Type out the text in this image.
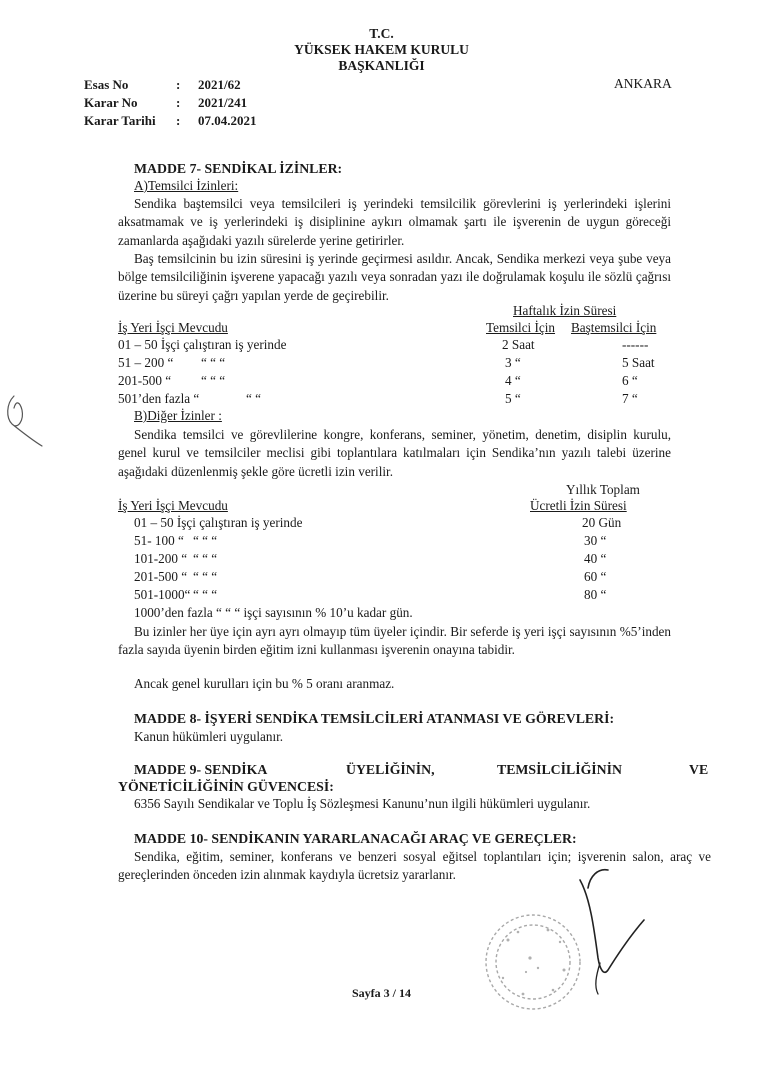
T.C.
YÜKSEK HAKEM KURULU
BAŞKANLIĞI
ANKARA
Esas No	: 2021/62
Karar No	: 2021/241
Karar Tarihi : 07.04.2021
MADDE 7- SENDİKAL İZİNLER:
A)Temsilci İzinleri:
Sendika baştemsilci veya temsilcileri iş yerindeki temsilcilik görevlerini iş yerlerindeki işlerini aksatmamak ve iş yerlerindeki iş disiplinine aykırı olmamak şartı ile işverenin de uygun göreceği zamanlarda aşağıdaki yazılı sürelerde yerine getirirler.
Baş temsilcinin bu izin süresini iş yerinde geçirmesi asıldır. Ancak, Sendika merkezi veya şube veya bölge temsilciliğinin işverene yapacağı yazılı veya sonradan yazı ile doğrulamak koşulu ile sözlü çağrısı üzerine bu süreyi çağrı yapılan yerde de geçirebilir.
Haftalık İzin Süresi
İş Yeri İşçi Mevcudu	Temsilci İçin Baştemsilci İçin
01 – 50 İşçi çalıştıran iş yerinde	2 Saat	------
51 – 200 “ “ “ “	3 “	5 Saat
201-500 “ “ “ “	4 “	6 “
501’den fazla “	“ “	5 “	7 “
B)Diğer İzinler :
Sendika temsilci ve görevlilerine kongre, konferans, seminer, yönetim, denetim, disiplin kurulu, genel kurul ve temsilciler meclisi gibi toplantılara katılmaları için Sendika’nın yazılı talebi üzerine aşağıdaki düzenlenmiş şekle göre ücretli izin verilir.
Yıllık Toplam
İş Yeri İşçi Mevcudu	Ücretli İzin Süresi
01 – 50 İşçi çalıştıran iş yerinde	20 Gün
51- 100 “ “ “ “	30 “
101-200 “ “ “ “	40 “
201-500 “ “ “ “	60 “
501-1000“ “ “ “	80 “
1000’den fazla “ “ “ işçi sayısının % 10’u kadar gün.
Bu izinler her üye için ayrı ayrı olmayıp tüm üyeler içindir. Bir seferde iş yeri işçi sayısının %5’inden fazla sayıda üyenin birden eğitim izni kullanması işverenin onayına tabidir.
Ancak genel kurulları için bu % 5 oranı aranmaz.
MADDE 8- İŞYERİ SENDİKA TEMSİLCİLERİ ATANMASI VE GÖREVLERİ:
Kanun hükümleri uygulanır.
MADDE 9- SENDİKA	ÜYELİĞİNİN,	TEMSİLCİLİĞİNİN	VE
YÖNETİCİLİĞİNİN GÜVENCESİ:
6356 Sayılı Sendikalar ve Toplu İş Sözleşmesi Kanunu’nun ilgili hükümleri uygulanır.
MADDE 10- SENDİKANIN YARARLANACAĞI ARAÇ VE GEREÇLER:
Sendika, eğitim, seminer, konferans ve benzeri sosyal eğitsel toplantıları için; işverenin salon, araç ve gereçlerinden önceden izin alınmak kaydıyla ücretsiz yararlanır.
Sayfa 3 / 14
